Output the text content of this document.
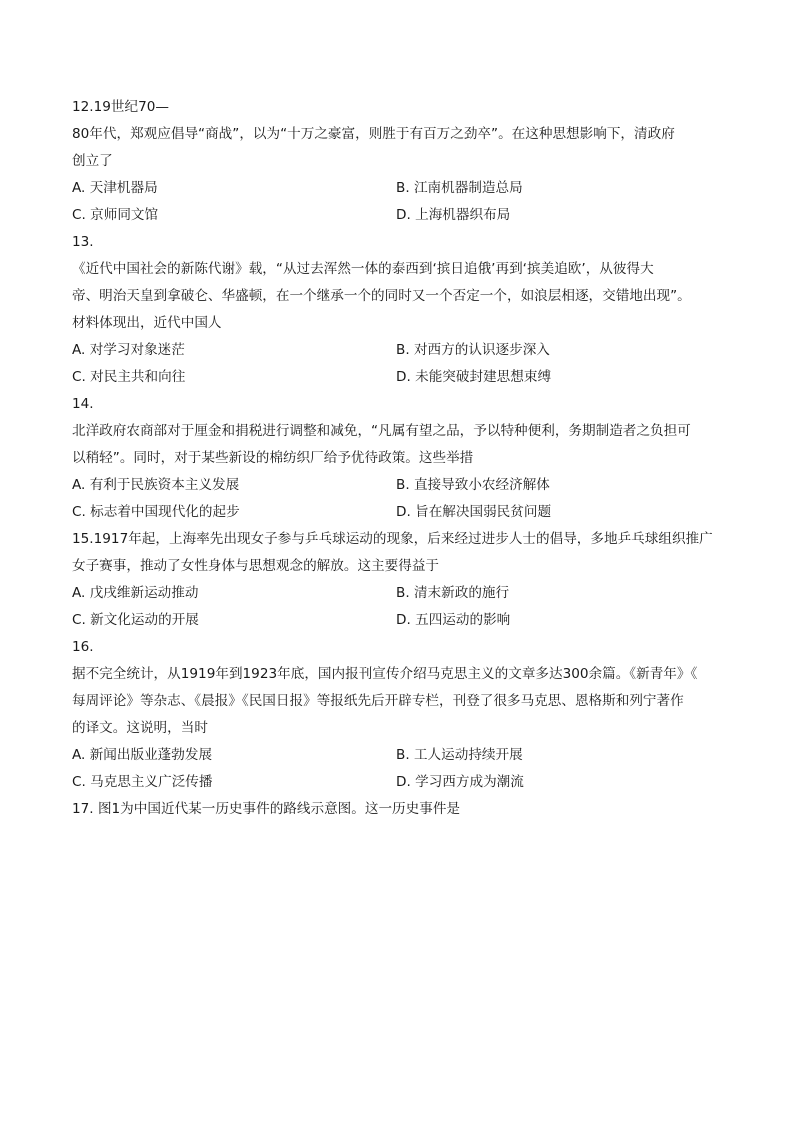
12.19世纪70—
80年代，郑观应倡导“商战”，以为“十万之豪富，则胜于有百万之劲卒”。在这种思想影响下，清政府
创立了
A. 天津机器局	B. 江南机器制造总局
C. 京师同文馆	D. 上海机器织布局
13.
《近代中国社会的新陈代谢》载，“从过去浑然一体的泰西到‘摈日追俄’再到‘摈美追欧’，从彼得大
帝、明治天皇到拿破仑、华盛顿，在一个继承一个的同时又一个否定一个，如浪层相逐，交错地出现”。
材料体现出，近代中国人
A. 对学习对象迷茫	B. 对西方的认识逐步深入
C. 对民主共和向往	D. 未能突破封建思想束缚
14.
北洋政府农商部对于厘金和捐税进行调整和减免，“凡属有望之品，予以特种便利，务期制造者之负担可
以稍轻”。同时，对于某些新设的棉纺织厂给予优待政策。这些举措
A. 有利于民族资本主义发展	B. 直接导致小农经济解体
C. 标志着中国现代化的起步	D. 旨在解决国弱民贫问题
15.1917年起，上海率先出现女子参与乒乓球运动的现象，后来经过进步人士的倡导，多地乒乓球组织推广
女子赛事，推动了女性身体与思想观念的解放。这主要得益于
A. 戊戌维新运动推动	B. 清末新政的施行
C. 新文化运动的开展	D. 五四运动的影响
16.
据不完全统计，从1919年到1923年底，国内报刊宣传介绍马克思主义的文章多达300余篇。《新青年》《
每周评论》等杂志、《晨报》《民国日报》等报纸先后开辟专栏，刊登了很多马克思、恩格斯和列宁著作
的译文。这说明，当时
A. 新闻出版业蓬勃发展	B. 工人运动持续开展
C. 马克思主义广泛传播	D. 学习西方成为潮流
17. 图1为中国近代某一历史事件的路线示意图。这一历史事件是
